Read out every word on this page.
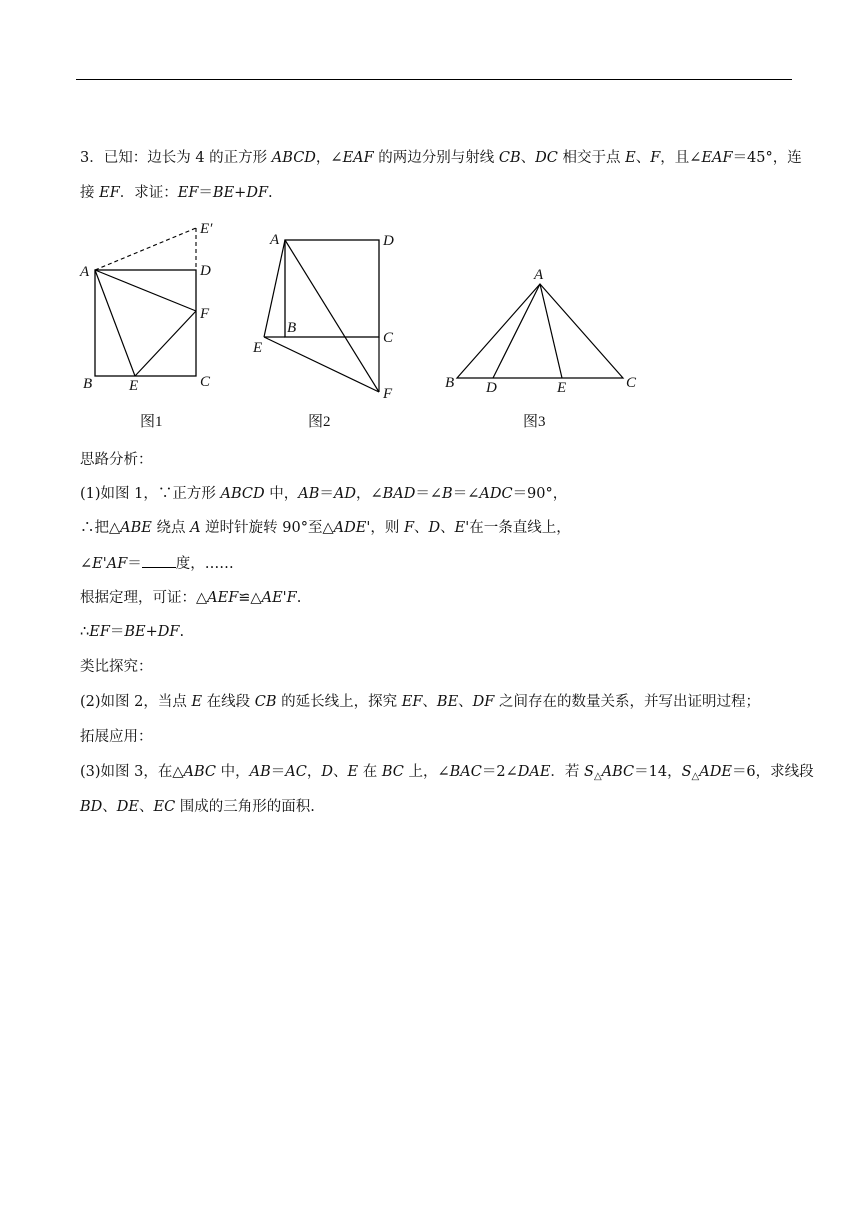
3．已知：边长为 4 的正方形 ABCD，∠EAF 的两边分别与射线 CB、DC 相交于点 E、F，且∠EAF＝45°，连
接 EF．求证：EF＝BE+DF.
A
B	C
D
E
F
E′
图1
A
B
C
D
E
F
图2
A
B	C
D	E
图3
思路分析：
(1)如图 1，∵正方形 ABCD 中，AB＝AD，∠BAD＝∠B＝∠ADC＝90°，
∴把△ABE 绕点 A 逆时针旋转 90°至△ADE'，则 F、D、E'在一条直线上，
∠E'AF＝ 度，……
根据定理，可证：△AEF≌△AE'F.
∴EF＝BE+DF.
类比探究：
(2)如图 2，当点 E 在线段 CB 的延长线上，探究 EF、BE、DF 之间存在的数量关系，并写出证明过程；
拓展应用：
(3)如图 3，在△ABC 中，AB＝AC，D、E 在 BC 上，∠BAC＝2∠DAE．若 $S_\triangle ABC=14$，$S_\triangle ADE=6$，求线段
BD、DE、EC 围成的三角形的面积.
